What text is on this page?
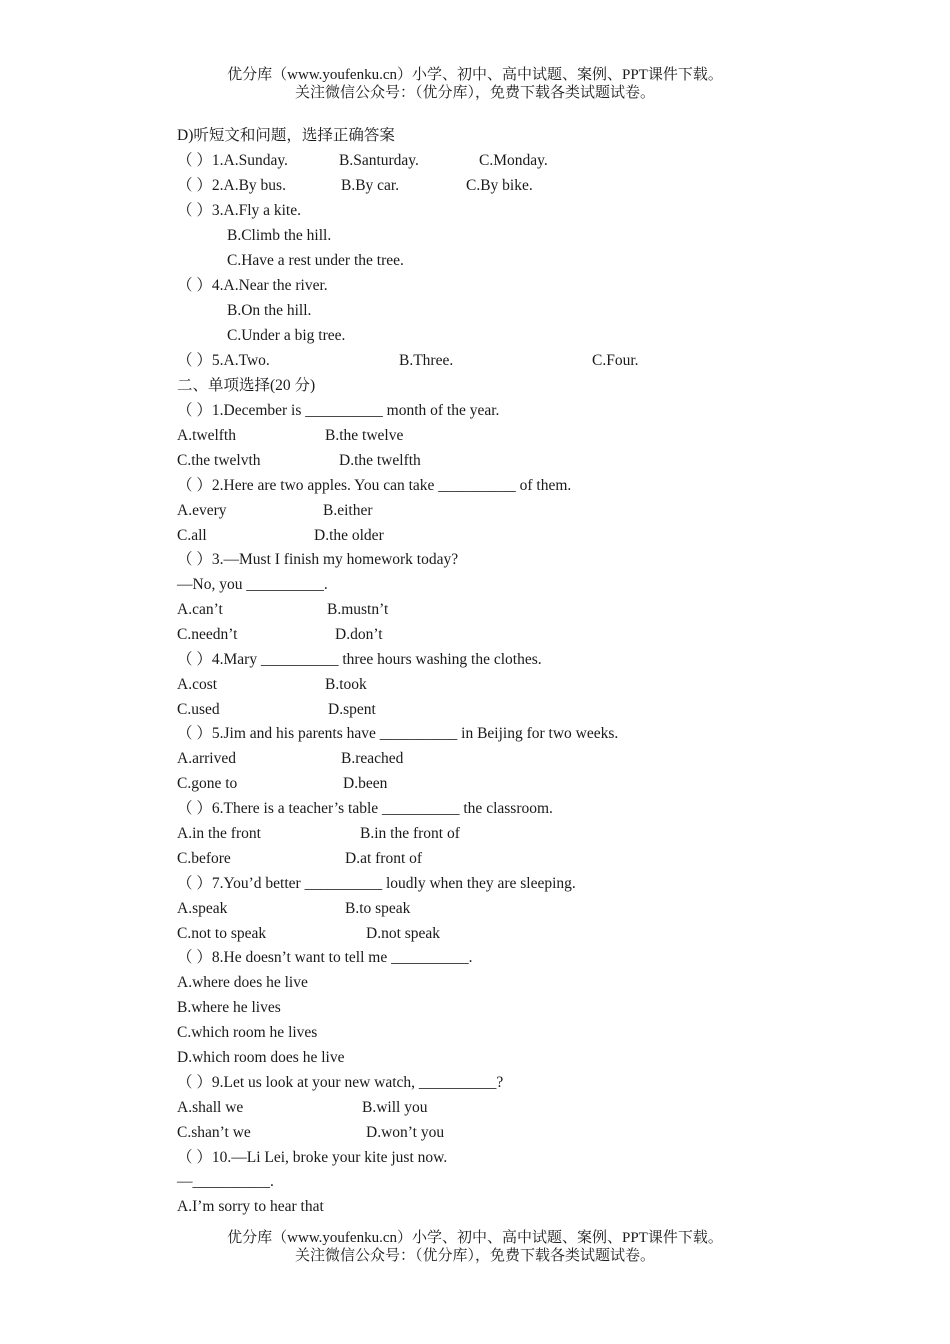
优分库（www.youfenku.cn）小学、初中、高中试题、案例、PPT课件下载。
关注微信公众号：（优分库），免费下载各类试题试卷。
D)听短文和问题，选择正确答案

（ ）1.A.Sunday.

	B.Santurday.

	C.Monday.

（ ）2.A.By bus.

	B.By car.

	C.By bike.

（ ）3.A.Fly a kite.
B.Climb the hill.
C.Have a rest under the tree.
（ ）4.A.Near the river.
B.On the hill.
C.Under a big tree.

（ ）5.A.Two.

	B.Three.

	C.Four.

二、单项选择(20 分)
（ ）1.December is __________ month of the year.

A.twelfth

	B.the twelve

C.the twelvth

	D.the twelfth

（ ）2.Here are two apples. You can take __________ of them.

A.every

	B.either

C.all

	D.the older

（ ）3.—Must I finish my homework today?
—No, you __________.

A.can’t

	B.mustn’t

C.needn’t

	D.don’t

（ ）4.Mary __________ three hours washing the clothes.

A.cost

	B.took

C.used

	D.spent

（ ）5.Jim and his parents have __________ in Beijing for two weeks.

A.arrived

	B.reached

C.gone to

	D.been

（ ）6.There is a teacher’s table __________ the classroom.

A.in the front

	B.in the front of

C.before

	D.at front of

（ ）7.You’d better __________ loudly when they are sleeping.

A.speak

	B.to speak

C.not to speak

	D.not speak

（ ）8.He doesn’t want to tell me __________.
A.where does he live
B.where he lives
C.which room he lives
D.which room does he live
（ ）9.Let us look at your new watch, __________?

A.shall we

	B.will you

C.shan’t we

	D.won’t you

（ ）10.—Li Lei, broke your kite just now.
—__________.
A.I’m sorry to hear that
优分库（www.youfenku.cn）小学、初中、高中试题、案例、PPT课件下载。
关注微信公众号：（优分库），免费下载各类试题试卷。
